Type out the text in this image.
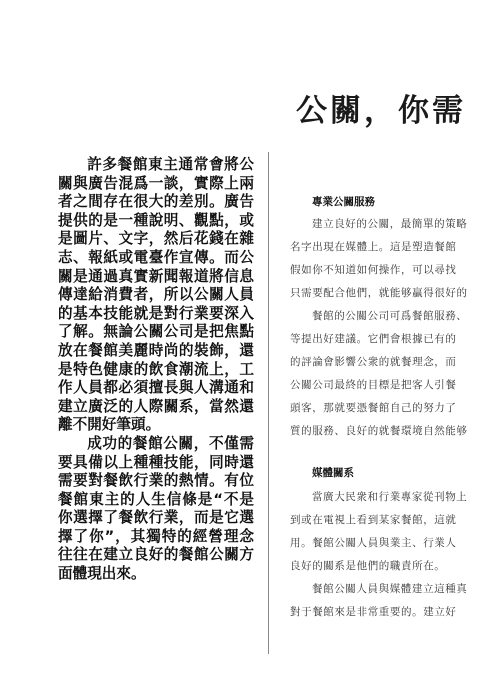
公關，你需

許多餐館東主通常會將公關與廣告混爲一談，實際上兩者之間存在很大的差別。廣告提供的是一種說明、觀點，或是圖片、文字，然后花錢在雜志、報紙或電臺作宣傳。而公關是通過真實新聞報道將信息傳達給消費者，所以公關人員的基本技能就是對行業要深入了解。無論公關公司是把焦點放在餐館美麗時尚的裝飾，還是特色健康的飲食潮流上，工作人員都必須擅長與人溝通和建立廣泛的人際關系，當然還離不開好筆頭。

成功的餐館公關，不僅需要具備以上種種技能，同時還需要對餐飲行業的熱情。有位餐館東主的人生信條是“不是你選擇了餐飲行業，而是它選擇了你”，其獨特的經營理念往往在建立良好的餐館公關方面體現出來。

專業公關服務
建立良好的公關，最簡單的策略
名字出現在媒體上。這是塑造餐館
假如你不知道如何操作，可以尋找
只需要配合他們，就能够贏得很好的
餐館的公關公司可爲餐館服務、
等提出好建議。它們會根據已有的
的評論會影響公衆的就餐理念，而
公關公司最終的目標是把客人引餐
頭客，那就要憑餐館自己的努力了
質的服務、良好的就餐環境自然能够
媒體關系
當廣大民衆和行業專家從刊物上
到或在電視上看到某家餐館，這就
用。餐館公關人員與業主、行業人
良好的關系是他們的職責所在。
餐館公關人員與媒體建立這種真
對于餐館來是非常重要的。建立好
